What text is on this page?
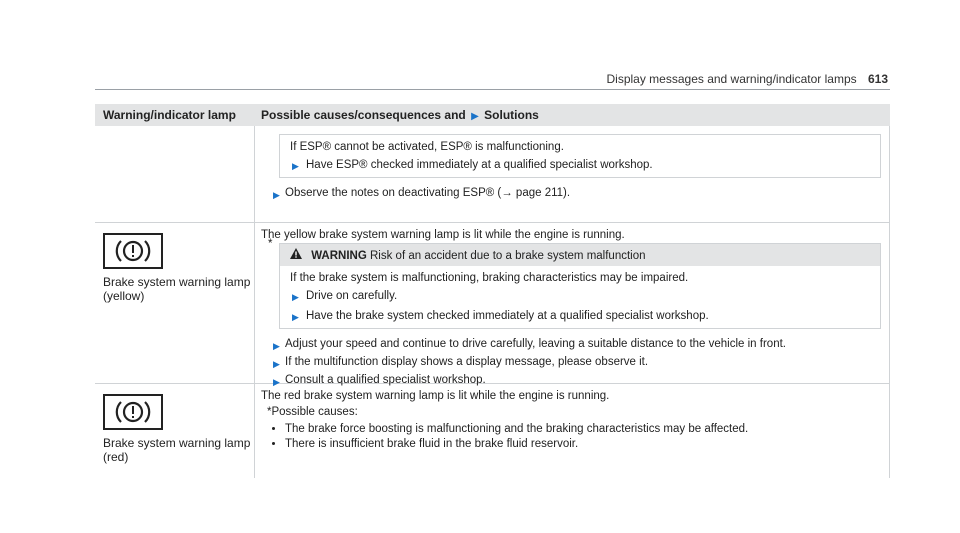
Display messages and warning/indicator lamps 613
Warning/indicator lamp	Possible causes/consequences and ▶ Solutions
If ESP® cannot be activated, ESP® is malfunctioning.
▶ Have ESP® checked immediately at a qualified specialist workshop.
▶ Observe the notes on deactivating ESP® (→ page 211).
Brake system warning lamp
(yellow)
The yellow brake system warning lamp is lit while the engine is running.
*
WARNING Risk of an accident due to a brake system malfunction
If the brake system is malfunctioning, braking characteristics may be impaired.
▶ Drive on carefully.
▶ Have the brake system checked immediately at a qualified specialist workshop.
▶ Adjust your speed and continue to drive carefully, leaving a suitable distance to the vehicle in front.
▶ If the multifunction display shows a display message, please observe it.
▶ Consult a qualified specialist workshop.
Brake system warning lamp
(red)
The red brake system warning lamp is lit while the engine is running.
*Possible causes:
• The brake force boosting is malfunctioning and the braking characteristics may be affected.
• There is insufficient brake fluid in the brake fluid reservoir.
